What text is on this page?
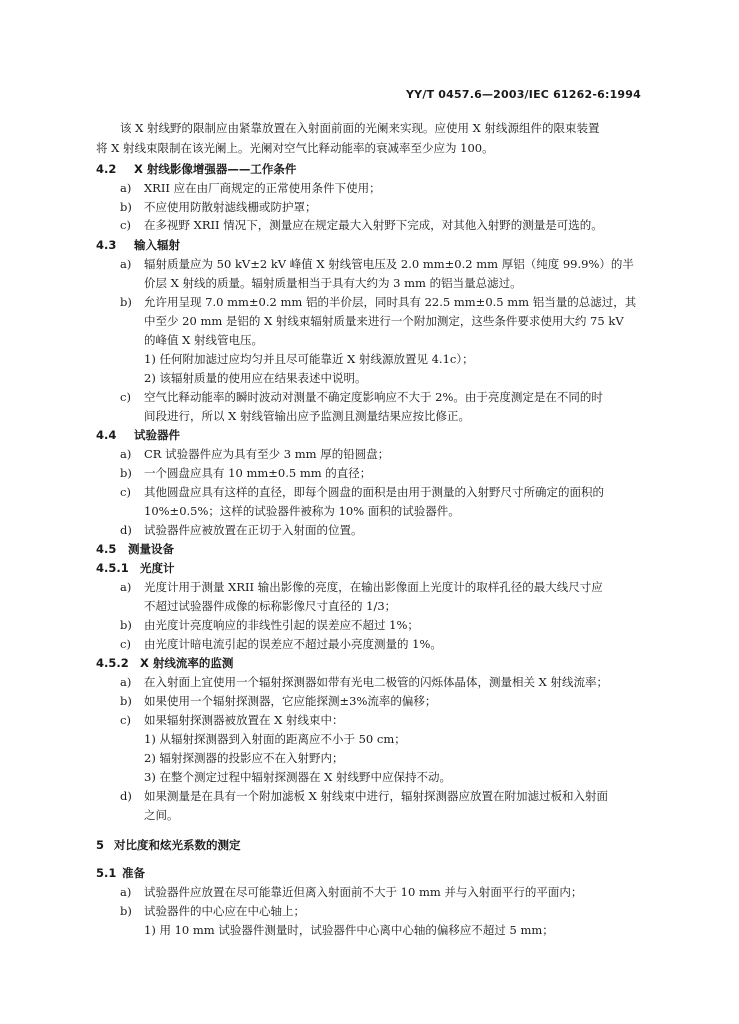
YY/T 0457.6—2003/IEC 61262-6:1994
该 X 射线野的限制应由紧靠放置在入射面前面的光阑来实现。应使用 X 射线源组件的限束装置
将 X 射线束限制在该光阑上。光阑对空气比释动能率的衰减率至少应为 100。
4.2 X 射线影像增强器——工作条件
a) XRII 应在由厂商规定的正常使用条件下使用；
b) 不应使用防散射滤线栅或防护罩；
c) 在多视野 XRII 情况下，测量应在规定最大入射野下完成，对其他入射野的测量是可选的。
4.3 输入辐射
a) 辐射质量应为 50 kV±2 kV 峰值 X 射线管电压及 2.0 mm±0.2 mm 厚铝（纯度 99.9%）的半
价层 X 射线的质量。辐射质量相当于具有大约为 3 mm 的铝当量总滤过。
b) 允许用呈现 7.0 mm±0.2 mm 铝的半价层，同时具有 22.5 mm±0.5 mm 铝当量的总滤过，其
中至少 20 mm 是铝的 X 射线束辐射质量来进行一个附加测定，这些条件要求使用大约 75 kV
的峰值 X 射线管电压。
1) 任何附加滤过应均匀并且尽可能靠近 X 射线源放置见 4.1c）；
2) 该辐射质量的使用应在结果表述中说明。
c) 空气比释动能率的瞬时波动对测量不确定度影响应不大于 2%。由于亮度测定是在不同的时
间段进行，所以 X 射线管输出应予监测且测量结果应按比修正。
4.4 试验器件
a) CR 试验器件应为具有至少 3 mm 厚的铅圆盘；
b) 一个圆盘应具有 10 mm±0.5 mm 的直径；
c) 其他圆盘应具有这样的直径，即每个圆盘的面积是由用于测量的入射野尺寸所确定的面积的
10%±0.5%；这样的试验器件被称为 10% 面积的试验器件。
d) 试验器件应被放置在正切于入射面的位置。
4.5 测量设备
4.5.1 光度计
a) 光度计用于测量 XRII 输出影像的亮度，在输出影像面上光度计的取样孔径的最大线尺寸应
不超过试验器件成像的标称影像尺寸直径的 1/3；
b) 由光度计亮度响应的非线性引起的误差应不超过 1%；
c) 由光度计暗电流引起的误差应不超过最小亮度测量的 1%。
4.5.2 X 射线流率的监测
a) 在入射面上宜使用一个辐射探测器如带有光电二极管的闪烁体晶体，测量相关 X 射线流率；
b) 如果使用一个辐射探测器，它应能探测±3%流率的偏移；
c) 如果辐射探测器被放置在 X 射线束中：
1) 从辐射探测器到入射面的距离应不小于 50 cm；
2) 辐射探测器的投影应不在入射野内；
3) 在整个测定过程中辐射探测器在 X 射线野中应保持不动。
d) 如果测量是在具有一个附加滤板 X 射线束中进行，辐射探测器应放置在附加滤过板和入射面
之间。
5 对比度和炫光系数的测定
5.1 准备
a) 试验器件应放置在尽可能靠近但离入射面前不大于 10 mm 并与入射面平行的平面内；
b) 试验器件的中心应在中心轴上；
1) 用 10 mm 试验器件测量时，试验器件中心离中心轴的偏移应不超过 5 mm；
